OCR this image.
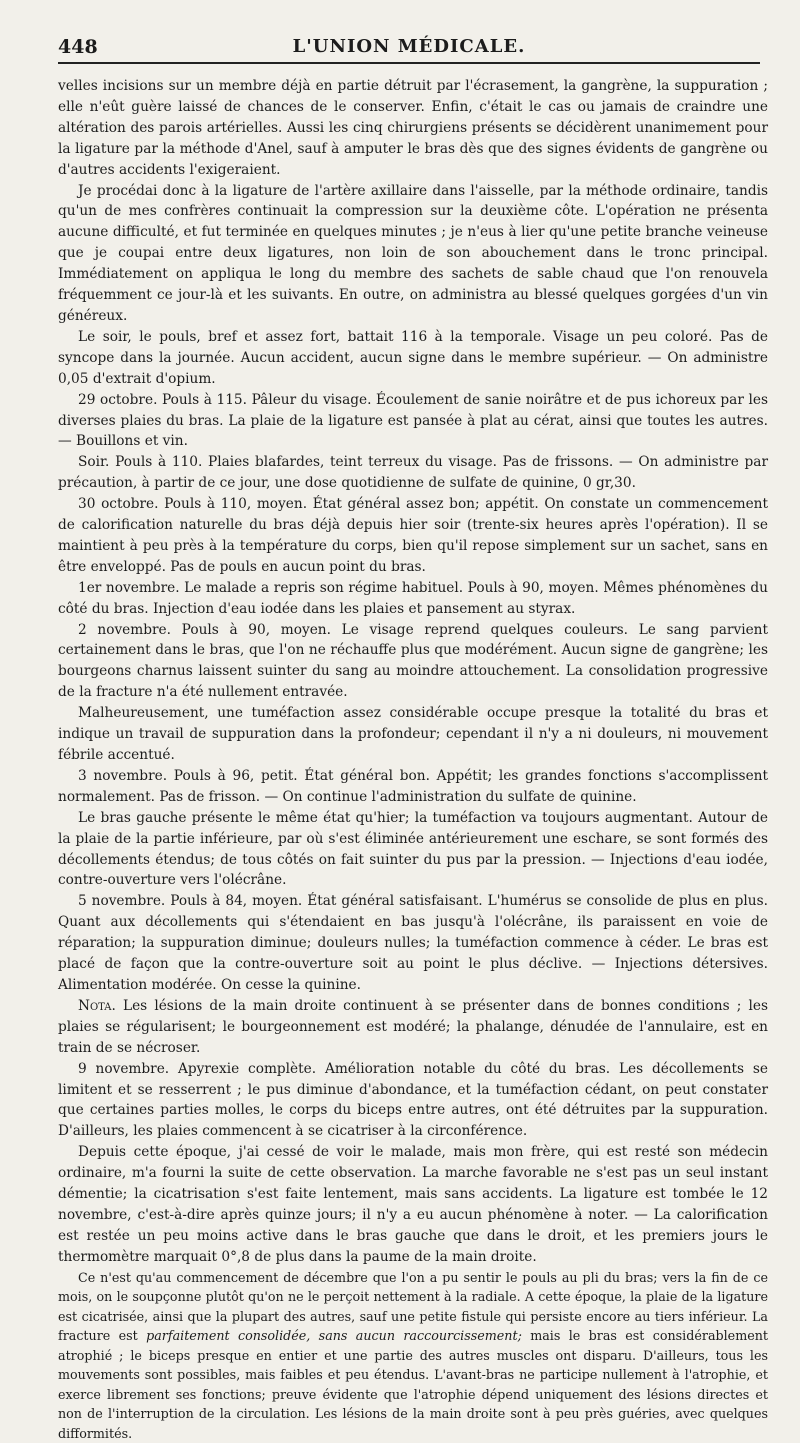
448	L'UNION MÉDICALE.

velles incisions sur un membre déjà en partie détruit par l'écrasement, la gangrène, la suppuration ; elle n'eût guère laissé de chances de le conserver. Enfin, c'était le cas ou jamais de craindre une altération des parois artérielles. Aussi les cinq chirurgiens présents se décidèrent unanimement pour la ligature par la méthode d'Anel, sauf à amputer le bras dès que des signes évidents de gangrène ou d'autres accidents l'exigeraient.

Je procédai donc à la ligature de l'artère axillaire dans l'aisselle, par la méthode ordinaire, tandis qu'un de mes confrères continuait la compression sur la deuxième côte. L'opération ne présenta aucune difficulté, et fut terminée en quelques minutes ; je n'eus à lier qu'une petite branche veineuse que je coupai entre deux ligatures, non loin de son abouchement dans le tronc principal. Immédiatement on appliqua le long du membre des sachets de sable chaud que l'on renouvela fréquemment ce jour-là et les suivants. En outre, on administra au blessé quelques gorgées d'un vin généreux.

Le soir, le pouls, bref et assez fort, battait 116 à la temporale. Visage un peu coloré. Pas de syncope dans la journée. Aucun accident, aucun signe dans le membre supérieur. — On administre 0,05 d'extrait d'opium.

29 octobre. Pouls à 115. Pâleur du visage. Écoulement de sanie noirâtre et de pus ichoreux par les diverses plaies du bras. La plaie de la ligature est pansée à plat au cérat, ainsi que toutes les autres. — Bouillons et vin.

Soir. Pouls à 110. Plaies blafardes, teint terreux du visage. Pas de frissons. — On administre par précaution, à partir de ce jour, une dose quotidienne de sulfate de quinine, 0 gr,30.

30 octobre. Pouls à 110, moyen. État général assez bon; appétit. On constate un commencement de calorification naturelle du bras déjà depuis hier soir (trente-six heures après l'opération). Il se maintient à peu près à la température du corps, bien qu'il repose simplement sur un sachet, sans en être enveloppé. Pas de pouls en aucun point du bras.

1er novembre. Le malade a repris son régime habituel. Pouls à 90, moyen. Mêmes phénomènes du côté du bras. Injection d'eau iodée dans les plaies et pansement au styrax.

2 novembre. Pouls à 90, moyen. Le visage reprend quelques couleurs. Le sang parvient certainement dans le bras, que l'on ne réchauffe plus que modérément. Aucun signe de gangrène; les bourgeons charnus laissent suinter du sang au moindre attouchement. La consolidation progressive de la fracture n'a été nullement entravée.

Malheureusement, une tuméfaction assez considérable occupe presque la totalité du bras et indique un travail de suppuration dans la profondeur; cependant il n'y a ni douleurs, ni mouvement fébrile accentué.

3 novembre. Pouls à 96, petit. État général bon. Appétit; les grandes fonctions s'accomplissent normalement. Pas de frisson. — On continue l'administration du sulfate de quinine.

Le bras gauche présente le même état qu'hier; la tuméfaction va toujours augmentant. Autour de la plaie de la partie inférieure, par où s'est éliminée antérieurement une eschare, se sont formés des décollements étendus; de tous côtés on fait suinter du pus par la pression. — Injections d'eau iodée, contre-ouverture vers l'olécrâne.

5 novembre. Pouls à 84, moyen. État général satisfaisant. L'humérus se consolide de plus en plus. Quant aux décollements qui s'étendaient en bas jusqu'à l'olécrâne, ils paraissent en voie de réparation; la suppuration diminue; douleurs nulles; la tuméfaction commence à céder. Le bras est placé de façon que la contre-ouverture soit au point le plus déclive. — Injections détersives. Alimentation modérée. On cesse la quinine.

Nota. Les lésions de la main droite continuent à se présenter dans de bonnes conditions ; les plaies se régularisent; le bourgeonnement est modéré; la phalange, dénudée de l'annulaire, est en train de se nécroser.

9 novembre. Apyrexie complète. Amélioration notable du côté du bras. Les décollements se limitent et se resserrent ; le pus diminue d'abondance, et la tuméfaction cédant, on peut constater que certaines parties molles, le corps du biceps entre autres, ont été détruites par la suppuration. D'ailleurs, les plaies commencent à se cicatriser à la circonférence.

Depuis cette époque, j'ai cessé de voir le malade, mais mon frère, qui est resté son médecin ordinaire, m'a fourni la suite de cette observation. La marche favorable ne s'est pas un seul instant démentie; la cicatrisation s'est faite lentement, mais sans accidents. La ligature est tombée le 12 novembre, c'est-à-dire après quinze jours; il n'y a eu aucun phénomène à noter. — La calorification est restée un peu moins active dans le bras gauche que dans le droit, et les premiers jours le thermomètre marquait 0°,8 de plus dans la paume de la main droite.

Ce n'est qu'au commencement de décembre que l'on a pu sentir le pouls au pli du bras; vers la fin de ce mois, on le soupçonne plutôt qu'on ne le perçoit nettement à la radiale. A cette époque, la plaie de la ligature est cicatrisée, ainsi que la plupart des autres, sauf une petite fistule qui persiste encore au tiers inférieur. La fracture est parfaitement consolidée, sans aucun raccourcissement; mais le bras est considérablement atrophié ; le biceps presque en entier et une partie des autres muscles ont disparu. D'ailleurs, tous les mouvements sont possibles, mais faibles et peu étendus. L'avant-bras ne participe nullement à l'atrophie, et exerce librement ses fonctions; preuve évidente que l'atrophie dépend uniquement des lésions directes et non de l'interruption de la circulation. Les lésions de la main droite sont à peu près guéries, avec quelques difformités.
